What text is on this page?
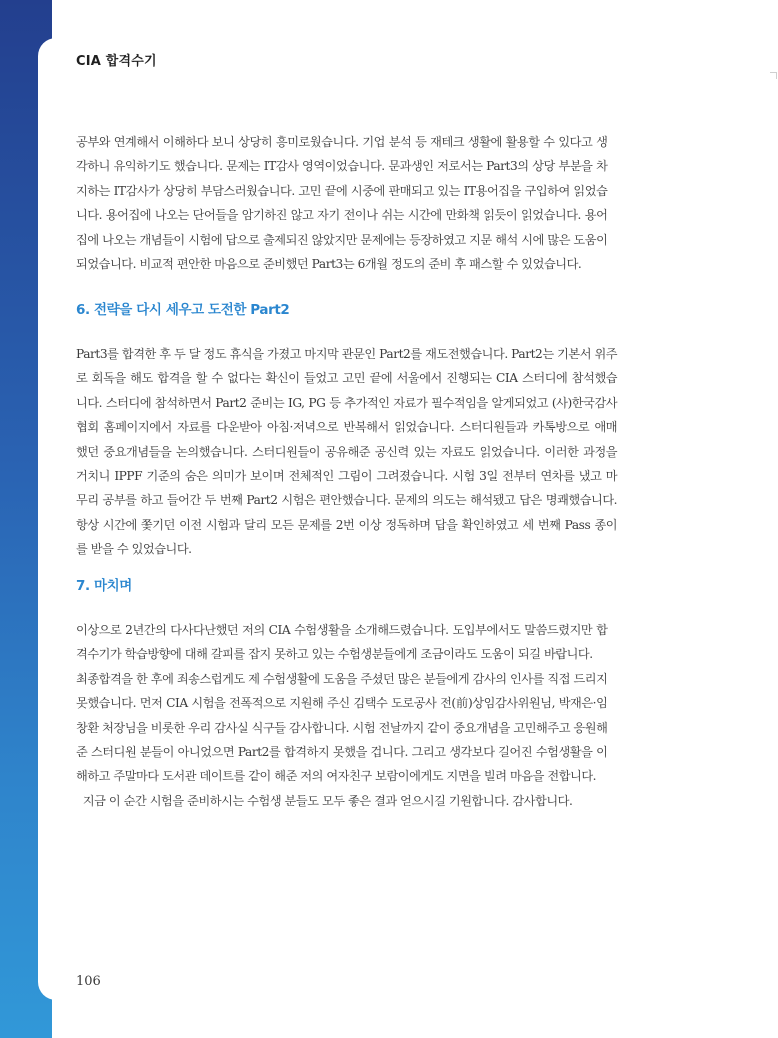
CIA 합격수기

공부와 연계해서 이해하다 보니 상당히 흥미로웠습니다. 기업 분석 등 재테크 생활에 활용할 수 있다고 생
각하니 유익하기도 했습니다. 문제는 IT감사 영역이었습니다. 문과생인 저로서는 Part3의 상당 부분을 차
지하는 IT감사가 상당히 부담스러웠습니다. 고민 끝에 시중에 판매되고 있는 IT용어집을 구입하여 읽었습
니다. 용어집에 나오는 단어들을 암기하진 않고 자기 전이나 쉬는 시간에 만화책 읽듯이 읽었습니다. 용어
집에 나오는 개념들이 시험에 답으로 출제되진 않았지만 문제에는 등장하였고 지문 해석 시에 많은 도움이
되었습니다. 비교적 편안한 마음으로 준비했던 Part3는 6개월 정도의 준비 후 패스할 수 있었습니다.

6. 전략을 다시 세우고 도전한 Part2

Part3를 합격한 후 두 달 정도 휴식을 가졌고 마지막 관문인 Part2를 재도전했습니다. Part2는 기본서 위주
로 회독을 해도 합격을 할 수 없다는 확신이 들었고 고민 끝에 서울에서 진행되는 CIA 스터디에 참석했습
니다. 스터디에 참석하면서 Part2 준비는 IG, PG 등 추가적인 자료가 필수적임을 알게되었고 (사)한국감사
협회 홈페이지에서 자료를 다운받아 아침·저녁으로 반복해서 읽었습니다. 스터디원들과 카톡방으로 애매
했던 중요개념들을 논의했습니다. 스터디원들이 공유해준 공신력 있는 자료도 읽었습니다. 이러한 과정을
거치니 IPPF 기준의 숨은 의미가 보이며 전체적인 그림이 그려졌습니다. 시험 3일 전부터 연차를 냈고 마
무리 공부를 하고 들어간 두 번째 Part2 시험은 편안했습니다. 문제의 의도는 해석됐고 답은 명쾌했습니다.
항상 시간에 쫓기던 이전 시험과 달리 모든 문제를 2번 이상 정독하며 답을 확인하였고 세 번째 Pass 종이
를 받을 수 있었습니다.

7. 마치며

이상으로 2년간의 다사다난했던 저의 CIA 수험생활을 소개해드렸습니다. 도입부에서도 말씀드렸지만 합
격수기가 학습방향에 대해 갈피를 잡지 못하고 있는 수험생분들에게 조금이라도 도움이 되길 바랍니다.
최종합격을 한 후에 죄송스럽게도 제 수험생활에 도움을 주셨던 많은 분들에게 감사의 인사를 직접 드리지
못했습니다. 먼저 CIA 시험을 전폭적으로 지원해 주신 김택수 도로공사 전(前)상임감사위원님, 박재은·임
창환 처장님을 비롯한 우리 감사실 식구들 감사합니다. 시험 전날까지 같이 중요개념을 고민해주고 응원해
준 스터디원 분들이 아니었으면 Part2를 합격하지 못했을 겁니다. 그리고 생각보다 길어진 수험생활을 이
해하고 주말마다 도서관 데이트를 같이 해준 저의 여자친구 보람이에게도 지면을 빌려 마음을 전합니다.
지금 이 순간 시험을 준비하시는 수험생 분들도 모두 좋은 결과 얻으시길 기원합니다. 감사합니다.

106
